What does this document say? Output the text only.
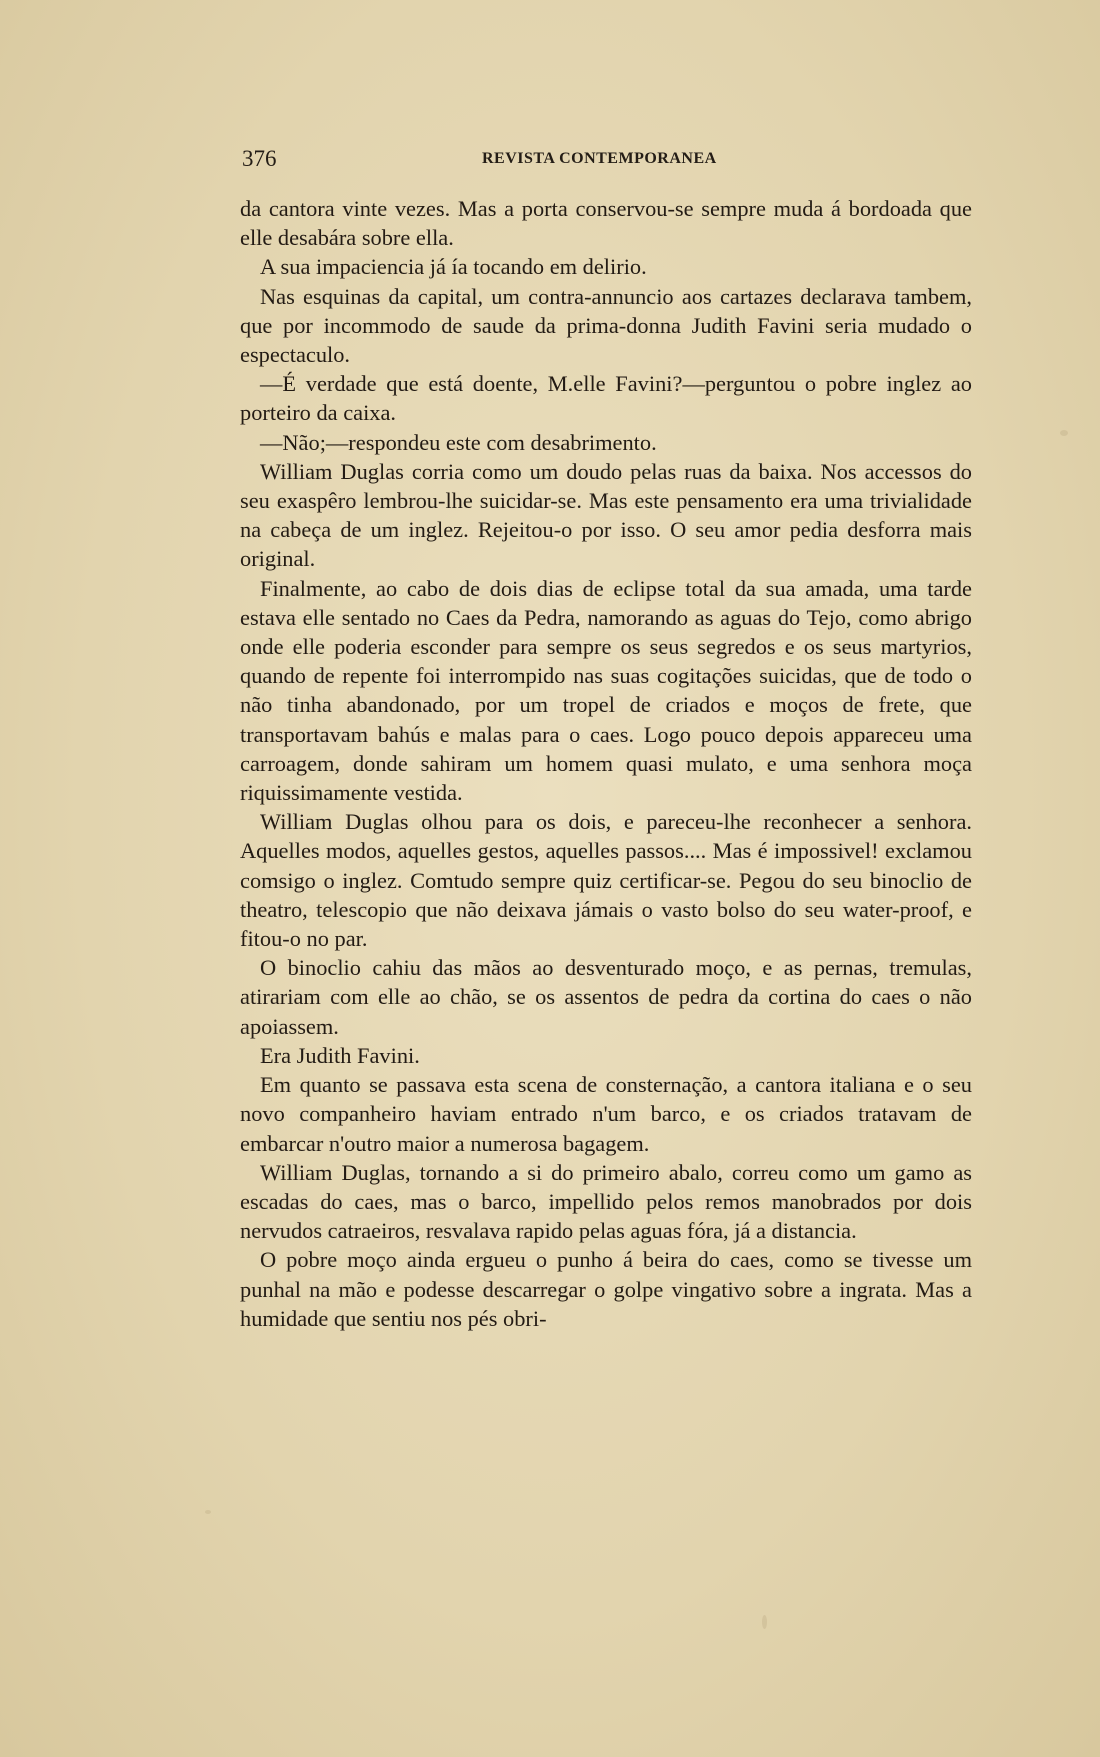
376	REVISTA CONTEMPORANEA

da cantora vinte vezes. Mas a porta conservou-se sempre muda á bordoada que elle desabára sobre ella.

A sua impaciencia já ía tocando em delirio.

Nas esquinas da capital, um contra-annuncio aos cartazes declarava tambem, que por incommodo de saude da prima-donna Judith Favini seria mudado o espectaculo.

—É verdade que está doente, M.elle Favini?—perguntou o pobre inglez ao porteiro da caixa.

—Não;—respondeu este com desabrimento.

William Duglas corria como um doudo pelas ruas da baixa. Nos accessos do seu exaspêro lembrou-lhe suicidar-se. Mas este pensamento era uma trivialidade na cabeça de um inglez. Rejeitou-o por isso. O seu amor pedia desforra mais original.

Finalmente, ao cabo de dois dias de eclipse total da sua amada, uma tarde estava elle sentado no Caes da Pedra, namorando as aguas do Tejo, como abrigo onde elle poderia esconder para sempre os seus segredos e os seus martyrios, quando de repente foi interrompido nas suas cogitações suicidas, que de todo o não tinha abandonado, por um tropel de criados e moços de frete, que transportavam bahús e malas para o caes. Logo pouco depois appareceu uma carroagem, donde sahiram um homem quasi mulato, e uma senhora moça riquissimamente vestida.

William Duglas olhou para os dois, e pareceu-lhe reconhecer a senhora. Aquelles modos, aquelles gestos, aquelles passos.... Mas é impossivel! exclamou comsigo o inglez. Comtudo sempre quiz certificar-se. Pegou do seu binoclio de theatro, telescopio que não deixava jámais o vasto bolso do seu water-proof, e fitou-o no par.

O binoclio cahiu das mãos ao desventurado moço, e as pernas, tremulas, atirariam com elle ao chão, se os assentos de pedra da cortina do caes o não apoiassem.

Era Judith Favini.

Em quanto se passava esta scena de consternação, a cantora italiana e o seu novo companheiro haviam entrado n'um barco, e os criados tratavam de embarcar n'outro maior a numerosa bagagem.

William Duglas, tornando a si do primeiro abalo, correu como um gamo as escadas do caes, mas o barco, impellido pelos remos manobrados por dois nervudos catraeiros, resvalava rapido pelas aguas fóra, já a distancia.

O pobre moço ainda ergueu o punho á beira do caes, como se tivesse um punhal na mão e podesse descarregar o golpe vingativo sobre a ingrata. Mas a humidade que sentiu nos pés obri-
